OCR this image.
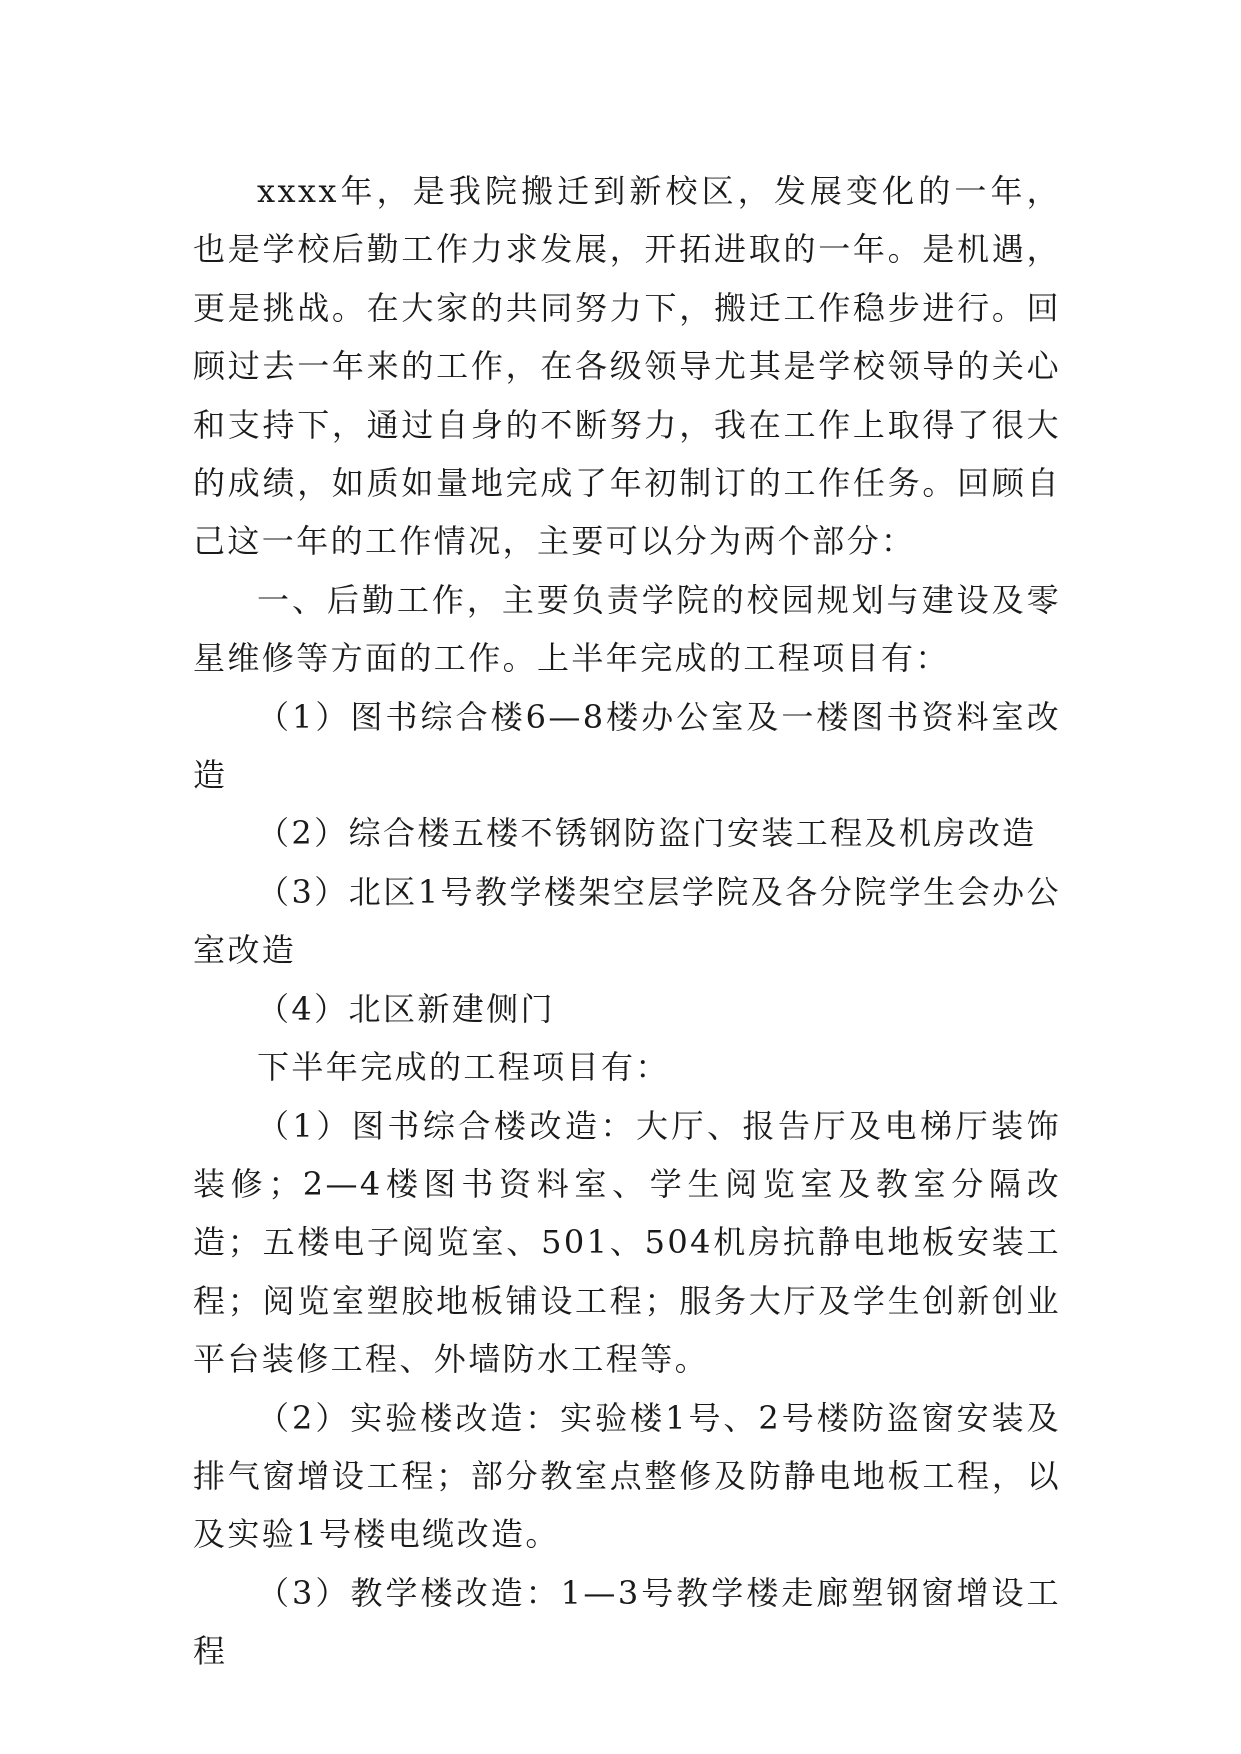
xxxx年，是我院搬迁到新校区，发展变化的一年，也是学校后勤工作力求发展，开拓进取的一年。是机遇，更是挑战。在大家的共同努力下，搬迁工作稳步进行。回顾过去一年来的工作，在各级领导尤其是学校领导的关心和支持下，通过自身的不断努力，我在工作上取得了很大的成绩，如质如量地完成了年初制订的工作任务。回顾自己这一年的工作情况，主要可以分为两个部分：

一、后勤工作，主要负责学院的校园规划与建设及零星维修等方面的工作。上半年完成的工程项目有：

（1）图书综合楼6—8楼办公室及一楼图书资料室改造

（2）综合楼五楼不锈钢防盗门安装工程及机房改造

（3）北区1号教学楼架空层学院及各分院学生会办公室改造

（4）北区新建侧门

下半年完成的工程项目有：

（1）图书综合楼改造：大厅、报告厅及电梯厅装饰装修；2—4楼图书资料室、学生阅览室及教室分隔改造；五楼电子阅览室、501、504机房抗静电地板安装工程；阅览室塑胶地板铺设工程；服务大厅及学生创新创业平台装修工程、外墙防水工程等。

（2）实验楼改造：实验楼1号、2号楼防盗窗安装及排气窗增设工程；部分教室点整修及防静电地板工程，以及实验1号楼电缆改造。

（3）教学楼改造：1—3号教学楼走廊塑钢窗增设工程
